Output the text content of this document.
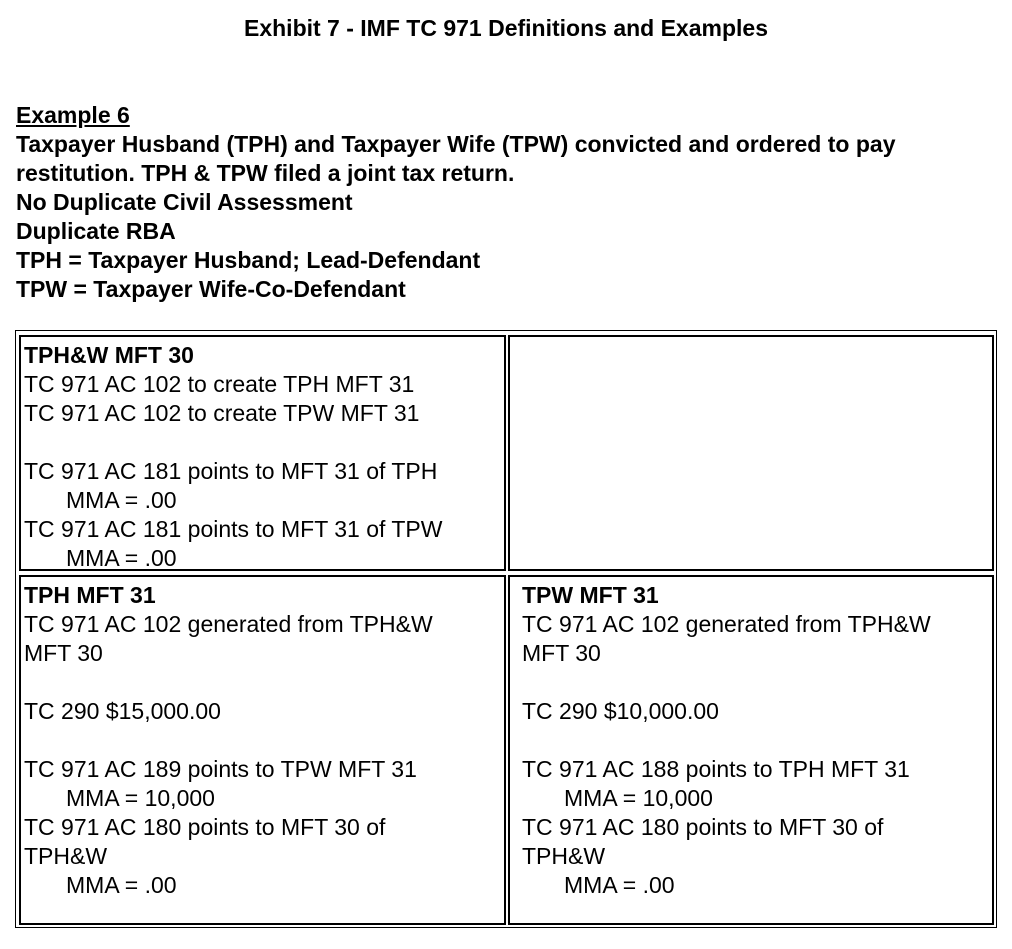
Exhibit 7 - IMF TC 971 Definitions and Examples
Example 6
Taxpayer Husband (TPH) and Taxpayer Wife (TPW) convicted and ordered to pay
restitution. TPH & TPW filed a joint tax return.
No Duplicate Civil Assessment
Duplicate RBA
TPH = Taxpayer Husband; Lead-Defendant
TPW = Taxpayer Wife-Co-Defendant
TPH&W MFT 30
TC 971 AC 102 to create TPH MFT 31
TC 971 AC 102 to create TPW MFT 31
TC 971 AC 181 points to MFT 31 of TPH
MMA = .00
TC 971 AC 181 points to MFT 31 of TPW
MMA = .00
TPH MFT 31
TC 971 AC 102 generated from TPH&W
MFT 30
TC 290 $15,000.00
TC 971 AC 189 points to TPW MFT 31
MMA = 10,000
TC 971 AC 180 points to MFT 30 of
TPH&W
MMA = .00
TPW MFT 31
TC 971 AC 102 generated from TPH&W
MFT 30
TC 290 $10,000.00
TC 971 AC 188 points to TPH MFT 31
MMA = 10,000
TC 971 AC 180 points to MFT 30 of
TPH&W
MMA = .00
